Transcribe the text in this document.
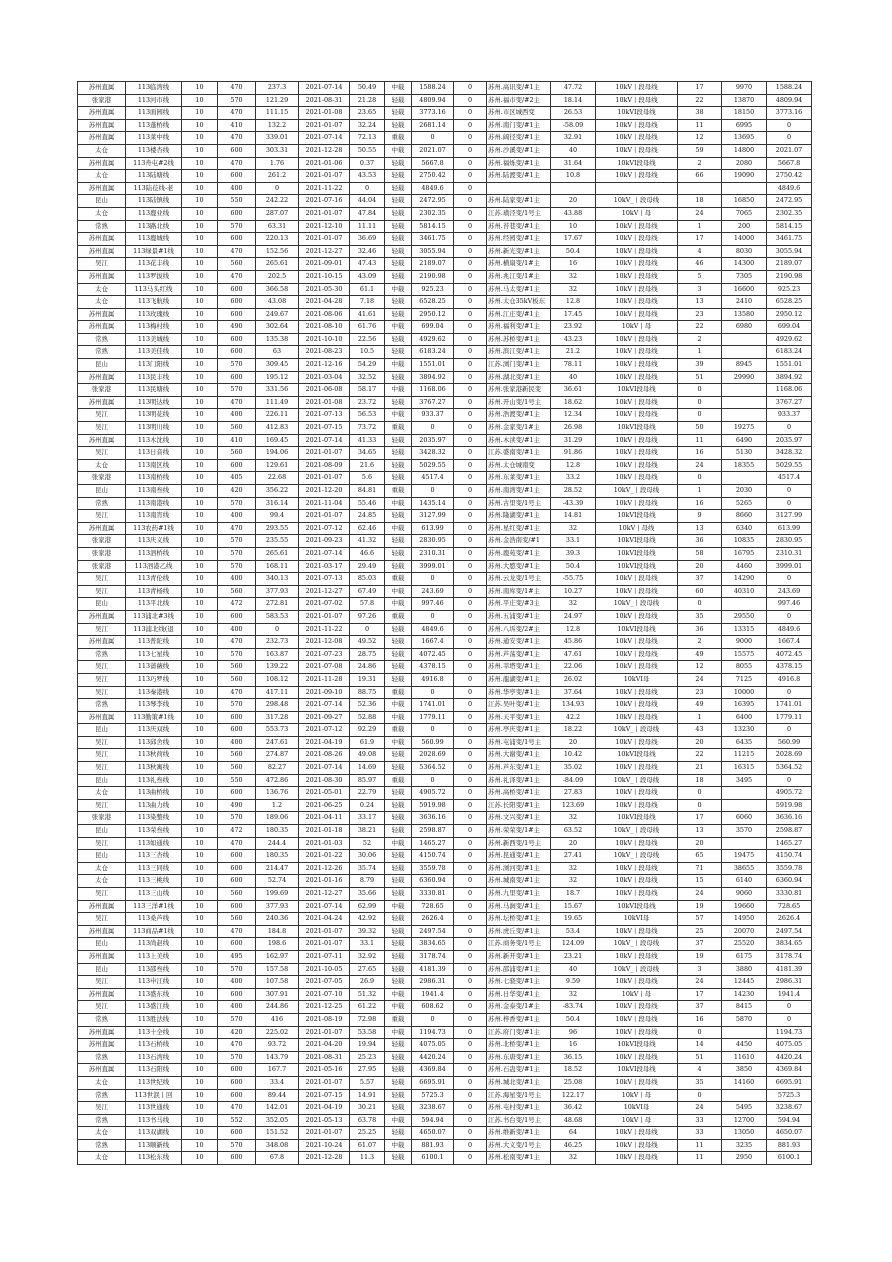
苏州直属	113临湾线	10	470	237.3	2021-07-14	50.49	中载	1588.24	0	苏州.高讯变/#1主	47.72	10kV丨段母线	17	9970	1588.24
张家港	113河市线	10	570	121.29	2021-08-31	21.28	轻载	4809.94	0	苏州.福市变/#2主	18.14	10kV丨段母线	22	13870	4809.94
苏州直属	113面园线	10	470	111.15	2021-01-08	23.65	轻载	3773.16	0	苏州.市区城西变	26.53	10kVI段母线	38	18150	3773.16
苏州直属	113蓬桥线	10	410	132.2	2021-01-07	32.24	轻载	2681.14	0	苏州.南门变/#1主	-58.09	10kV丨段母线	11	6995	0
苏州直属	113莱中线	10	470	339.01	2021-07-14	72.13	重载	0	0	苏州.阔径变/#1主	32.91	10kV丨段母线	12	13695	0
太仓	113楼杏线	10	600	303.31	2021-12-28	50.55	中载	2021.07	0	苏州.沙溪变/#1主	40	10kV丨段母线	59	14800	2021.07
苏州直属	113舟屯#2线	10	470	1.76	2021-01-06	0.37	轻载	5667.8	0	苏州.福烁变/#1主	31.64	10kVI段母线	2	2080	5667.8
太仓	113陆塘线	10	600	261.2	2021-01-07	43.53	轻载	2750.42	0	苏州.陆渡变/#1主	10.8	10kV丨段母线	66	19090	2750.42
苏州直属	113陆莅线-老	10	400	0	2021-11-22	0	轻载	4849.6	0						4849.6
昆山	113陆镇线	10	550	242.22	2021-07-16	44.04	轻载	2472.95	0	苏州.陆家变/#1主	20	10kV_丨段母线	18	16850	2472.95
太仓	113鹿业线	10	600	287.07	2021-01-07	47.84	轻载	2302.35	0	江苏.璜泾变/1号主	43.88	10kV丨母	24	7065	2302.35
常熟	113路北线	10	570	63.31	2021-12-10	11.11	轻载	5814.15	0	苏州.苔巷变/#1主	10	10kV丨段母线	1	200	5814.15
苏州直属	113鹿城线	10	600	220.13	2021-01-07	36.69	轻载	3461.75	0	苏州.经园变/#1主	17.67	10kV丨段母线	17	14000	3461.75
苏州直属	113绿景#1线	10	470	152.56	2021-12-27	32.46	轻载	3055.94	0	苏州.新光变/#1主	50.4	10kV丨段母线	4	8030	3055.94
吴江	113花丰线	10	560	265.61	2021-09-01	47.43	轻载	2189.07	0	苏州.横扇变/1#主	16	10kV丨段母线	46	14300	2189.07
苏州直属	113罗拔线	10	470	202.5	2021-10-15	43.09	轻载	2190.98	0	苏州.兆江变/1#主	32	10kV丨段母线	5	7305	2190.98
太仓	113马头红线	10	600	366.58	2021-05-30	61.1	中载	925.23	0	苏州.马太变/#1主	32	10kV丨段母线	3	16600	925.23
太仓	113飞航线	10	600	43.08	2021-04-28	7.18	轻载	6528.25	0	苏州.太仓35kV板东	12.8	10kV丨段母线	13	2410	6528.25
苏州直属	113玫瑰线	10	600	249.67	2021-08-06	41.61	轻载	2950.12	0	苏州.江庄变/#1主	17.45	10kV丨段母线	23	13580	2950.12
苏州直属	113梅村线	10	490	302.64	2021-08-10	61.76	中载	699.04	0	苏州.福利变/#1主	23.92	10kV丨母	22	6980	699.04
常熟	113美城线	10	600	135.38	2021-10-10	22.56	轻载	4929.62	0	苏州.苏桥变/#1主	43.23	10kV丨段母线	2		4929.62
常熟	113美佳线	10	600	63	2021-08-23	10.5	轻载	6183.24	0	苏州.滨江变/#1主	21.2	10kV丨段母线	1		6183.24
昆山	113门阳线	10	570	309.45	2021-12-16	54.29	中载	1551.01	0	江苏.浏门变/#1主	78.11	10kV丨段母线	39	8945	1551.01
苏州直属	113民丰线	10	600	195.12	2021-03-04	32.52	轻载	3894.92	0	苏州.湖北变/#1主	40	10kV丨段母线	51	29990	3894.92
张家港	113民塘线	10	570	331.56	2021-06-08	58.17	中载	1168.06	0	苏州.张家港新民变	36.61	10kVI段母线	0		1168.06
苏州直属	113明达线	10	470	111.49	2021-01-08	23.72	轻载	3767.27	0	苏州.开山变/1号主	18.62	10kV丨段母线	0		3767.27
吴江	113明花线	10	400	226.11	2021-07-13	56.53	中载	933.37	0	苏州.浩渡变/#1主	12.34	10kV丨段母线	0		933.37
吴江	113明川线	10	560	412.83	2021-07-15	73.72	重载	0	0	苏州.金家变/1#主	26.98	10kVI段母线	50	19275	0
苏州直属	113木沈线	10	410	169.45	2021-07-14	41.33	轻载	2035.97	0	苏州.木渎变/#1主	31.29	10kV丨段母线	11	6490	2035.97
吴江	113日音线	10	560	194.06	2021-01-07	34.65	轻载	3428.32	0	江苏.盛南变/#1主	91.86	10kV丨段母线	16	5130	3428.32
太仓	113南区线	10	600	129.61	2021-08-09	21.6	轻载	5029.55	0	苏州.太仓城南变	12.8	10kV丨段母线	24	18355	5029.55
张家港	113南桥线	10	405	22.68	2021-01-07	5.6	轻载	4517.4	0	苏州.东莱变/#1主	33.2	10kV丨段母线	0		4517.4
昆山	113南叁线	10	420	356.22	2021-12-20	84.81	重载	0	0	苏州.南湾变/#1主	28.52	10kV_丨段母线	1	2030	0
常熟	113南港线	10	570	316.14	2021-11-04	55.46	中载	1435.14	0	苏州.古里变/1号主	-43.39	10kV丨段母线	16	5265	0
吴江	113南宵线	10	400	99.4	2021-01-07	24.85	轻载	3127.99	0	苏州.隆湖变/#1主	14.81	10kVI段母线	9	8660	3127.99
苏州直属	113农药#1线	10	470	293.55	2021-07-12	62.46	中载	613.99	0	苏州.星红变/#1主	32	10kV丨母线	13	6340	613.99
张家港	113庆义线	10	570	235.55	2021-09-23	41.32	轻载	2830.95	0	苏州.金浩南变/#1	33.1	10kVI段母线	36	10835	2830.95
张家港	113泗桥线	10	570	265.61	2021-07-14	46.6	轻载	2310.31	0	苏州.鹿苑变/#1主	39.3	10kVI段母线	58	16795	2310.31
张家港	113泗港乙线	10	570	168.11	2021-03-17	29.49	轻载	3999.01	0	苏州.大愍变/#1主	50.4	10kVI段母线	20	4460	3999.01
吴江	113青伦线	10	400	340.13	2021-07-13	85.03	重载	0	0	苏州.云龙变/1号主	-55.75	10kV丨段母线	37	14290	0
吴江	113青杨线	10	560	377.93	2021-12-27	67.49	中载	243.69	0	苏州.南库变/1#主	10.27	10kV丨段母线	60	40310	243.69
昆山	113平北线	10	472	272.81	2021-07-02	57.8	中载	997.46	0	苏州.平庄变/#3主	32	10kV_丨段母线	0		997.46
苏州直属	113浦北#3线	10	600	583.53	2021-01-07	97.26	重载	0	0	苏州.五浦变/#1主	24.97	10kV丨段母线	35	29550	0
吴江	113浦北线(退	10	400	0	2021-11-22	0	轻载	4849.6	0	苏州.八坼变/2#主	12.8	10kVI段母线	36	13315	4849.6
苏州直属	113普陀线	10	470	232.73	2021-12-08	49.52	轻载	1667.4	0	苏州.通安变/#1主	45.86	10kV丨段母线	2	9000	1667.4
常熟	113七星线	10	570	163.87	2021-07-23	28.75	轻载	4072.45	0	苏州.芦荡变/#1主	47.61	10kV丨段母线	49	15575	4072.45
吴江	113蔷薇线	10	560	139.22	2021-07-08	24.86	轻载	4378.15	0	苏州.莘塔变/#1主	22.06	10kV丨段母线	12	8055	4378.15
吴江	113巧罗线	10	560	108.12	2021-11-28	19.31	轻载	4916.8	0	苏州.龍湖变/#1主	26.02	10kVI母	24	7125	4916.8
吴江	113秦港线	10	470	417.11	2021-09-10	88.75	重载	0	0	苏州.华亭变/#1主	37.64	10kV丨段母线	23	10000	0
常熟	113琴李线	10	570	298.48	2021-07-14	52.36	中载	1741.01	0	江苏.吴叶变/#1主	134.93	10kV丨段母线	49	16395	1741.01
苏州直属	113勤策#1线	10	600	317.28	2021-09-27	52.88	中载	1779.11	0	苏州.天平变/#1主	42.2	10kV丨段母线	1	6400	1779.11
昆山	113庆双线	10	600	553.73	2021-07-12	92.29	重载	0	0	苏州.亭庆变/#1主	18.22	10kV_丨段母线	43	13230	0
吴江	113邱舍线	10	400	247.61	2021-04-19	61.9	中载	560.99	0	苏州.屯浦变/1号主	20	10kV丨段母线	20	6435	560.99
吴江	113秋荷线	10	560	274.87	2021-08-26	49.08	轻载	2028.69	0	苏州.大谢变/#1主	10.42	10kVI段母线	22	11215	2028.69
吴江	113秋寓线	10	560	82.27	2021-07-14	14.69	轻载	5364.52	0	苏州.芦东变/#1主	35.02	10kV丨段母线	21	16315	5364.52
昆山	113礼叁线	10	550	472.86	2021-08-30	85.97	重载	0	0	苏州.礼泽变/#1主	-84.09	10kV_丨段母线	18	3495	0
太仓	113曲桥线	10	600	136.76	2021-05-01	22.79	轻载	4905.72	0	苏州.高桥变/#1主	27.83	10kV丨段母线	0		4905.72
吴江	113曲力线	10	490	1.2	2021-06-25	0.24	轻载	5919.98	0	江苏.长阳变/#1主	123.69	10kV丨段母线	0		5919.98
张家港	113染整线	10	570	189.06	2021-04-11	33.17	轻载	3636.16	0	苏州.文兴变/#1主	32	10kVI段母线	17	6060	3636.16
昆山	113荣叁线	10	472	180.35	2021-01-18	38.21	轻载	2598.87	0	苏州.荣荣变/1#主	63.52	10kV_丨段母线	13	3570	2598.87
吴江	113如通线	10	470	244.4	2021-01-03	52	中载	1465.27	0	苏州.新西变/1号主	20	10kV丨段母线	20		1465.27
昆山	113三杏线	10	600	180.35	2021-01-22	30.06	轻载	4150.74	0	苏州.昆通变/#1主	27.41	10kV_丨段母线	65	19475	4150.74
太仓	113三同线	10	600	214.47	2021-12-26	35.74	轻载	3559.78	0	苏州.浏河变/#1主	32	10kV丨段母线	71	38655	3559.78
太仓	113三桃线	10	600	52.74	2021-01-16	8.79	轻载	6360.94	0	苏州.城南变/#1主	32	10kV丨段母线	15	6140	6360.94
吴江	113三山线	10	560	199.69	2021-12-27	35.66	轻载	3330.81	0	苏州.九里变/#1主	18.7	10kV丨段母线	24	9060	3330.81
苏州直属	113三洋#1线	10	600	377.93	2021-07-14	62.99	中载	728.65	0	苏州.马涧变/#1主	15.67	10kVI段母线	19	19660	728.65
吴江	113桑芦线	10	560	240.36	2021-04-24	42.92	轻载	2626.4	0	苏州.坛桥变/#1主	19.65	10kVI母	57	14950	2626.4
苏州直属	113商品#1线	10	470	184.8	2021-01-07	39.32	轻载	2497.54	0	苏州.虎丘变/#1主	53.4	10kV丨段母线	25	20070	2497.54
昆山	113尚赵线	10	600	198.6	2021-01-07	33.1	轻载	3834.65	0	江苏.商务变/1号主	124.09	10kV_丨段母线	37	25520	3834.65
苏州直属	113上美线	10	495	162.97	2021-07-11	32.92	轻载	3178.74	0	苏州.新开变/#1主	23.21	10kV丨段母线	19	6175	3178.74
昆山	113邵叁线	10	570	157.58	2021-10-05	27.65	轻载	4181.39	0	苏州.邵浦变/#1主	40	10kV_丨段母线	3	3880	4181.39
吴江	113申江线	10	400	107.58	2021-07-05	26.9	轻载	2986.31	0	苏州.七骁变/#1主	9.59	10kV丨段母线	24	12445	2986.31
苏州直属	113盛东线	10	600	307.91	2021-07-10	51.32	中载	1941.4	0	苏州.日华变/#1主	32	10kV丨母	17	14230	1941.4
吴江	113盛江线	10	400	244.86	2021-12-25	61.22	中载	608.62	0	苏州.金泰变/1#主	-83.74	10kV丨段母线	37	8415	0
常熟	113胜法线	10	570	416	2021-08-19	72.98	重载	0	0	苏州.梓香变/#1主	50.4	10kV丨段母线	16	5870	0
苏州直属	113十全线	10	420	225.02	2021-01-07	53.58	中载	1194.73	0	江苏.府门变/#1主	96	10kV丨段母线	0		1194.73
苏州直属	113石桥线	10	470	93.72	2021-04-20	19.94	轻载	4075.05	0	苏州.北桥变/#1主	16	10kVI段母线	14	4450	4075.05
常熟	113石湾线	10	570	143.79	2021-08-31	25.23	轻载	4420.24	0	苏州.东唐变/#1主	36.15	10kV丨段母线	51	11610	4420.24
苏州直属	113石阳线	10	600	167.7	2021-05-16	27.95	轻载	4369.84	0	苏州.石蛊变/#1主	18.52	10kVI段母线	4	3850	4369.84
太仓	113世纪线	10	600	33.4	2021-01-07	5.57	轻载	6695.91	0	苏州.城北变/#1主	25.08	10kV丨段母线	35	14160	6695.91
常熟	113世泯丨回	10	600	89.44	2021-07-15	14.91	轻载	5725.3	0	江苏.海星变/1号主	122.17	10kV丨母	0		5725.3
吴江	113世通线	10	470	142.01	2021-04-19	30.21	轻载	3238.67	0	苏州.屯村变/#1主	36.42	10kVI母	24	5495	3238.67
常熟	113书马线	10	552	352.05	2021-05-13	63.78	中载	594.94	0	江苏.书台变/1号主	48.68	10kV丨母	33	12700	594.94
太仓	113双湖线	10	600	151.52	2021-01-07	25.25	轻载	4650.07	0	苏州.维新变/#1主	64	10kV丨段母线	33	13050	4650.07
常熟	113顺新线	10	570	348.08	2021-10-24	61.07	中载	881.93	0	苏州.大义变/1号主	46.25	10kV丨段母线	11	3235	881.93
太仓	113松东线	10	600	67.8	2021-12-28	11.3	轻载	6100.1	0	苏州.松南变/#1主	32	10kV丨段母线	11	2950	6100.1
